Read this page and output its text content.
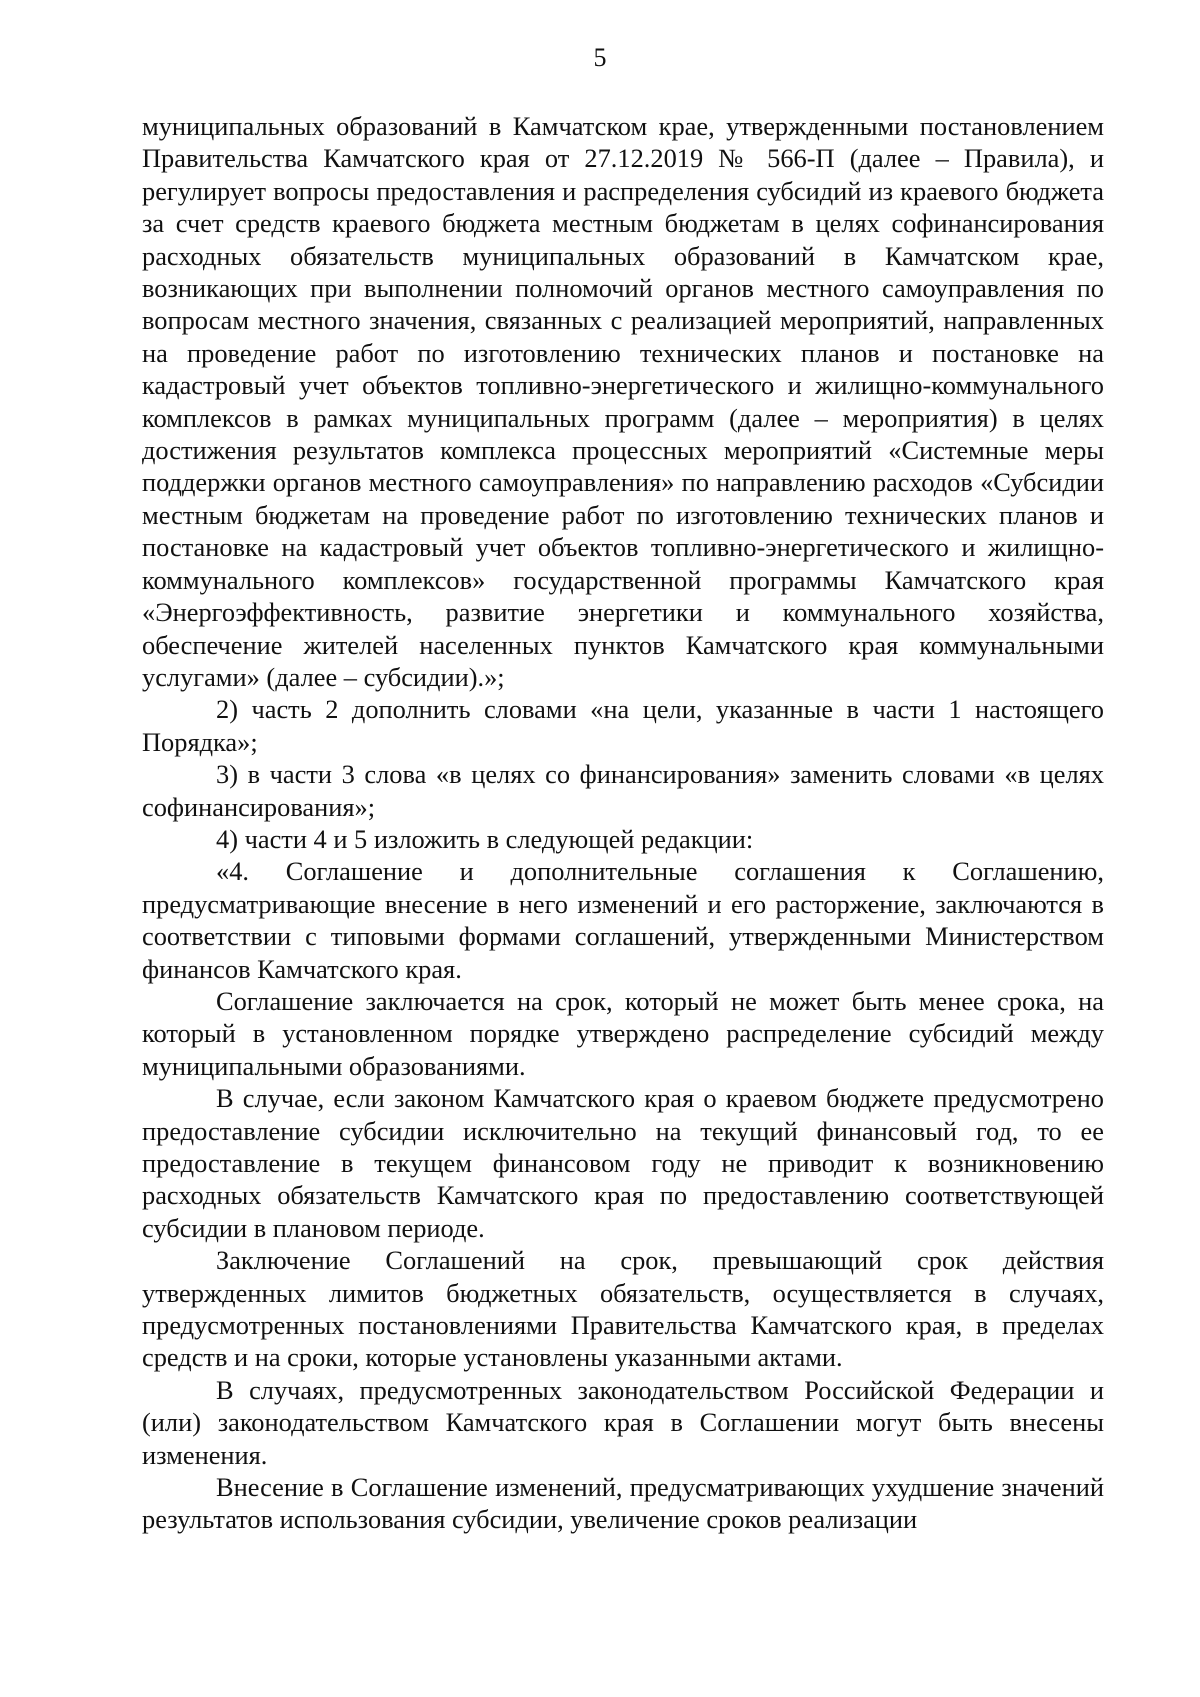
5

муниципальных образований в Камчатском крае, утвержденными постановлением Правительства Камчатского края от 27.12.2019 № 566-П (далее – Правила), и регулирует вопросы предоставления и распределения субсидий из краевого бюджета за счет средств краевого бюджета местным бюджетам в целях софинансирования расходных обязательств муниципальных образований в Камчатском крае, возникающих при выполнении полномочий органов местного самоуправления по вопросам местного значения, связанных с реализацией мероприятий, направленных на проведение работ по изготовлению технических планов и постановке на кадастровый учет объектов топливно-энергетического и жилищно-коммунального комплексов в рамках муниципальных программ (далее – мероприятия) в целях достижения результатов комплекса процессных мероприятий «Системные меры поддержки органов местного самоуправления» по направлению расходов «Субсидии местным бюджетам на проведение работ по изготовлению технических планов и постановке на кадастровый учет объектов топливно-энергетического и жилищно-коммунального комплексов» государственной программы Камчатского края «Энергоэффективность, развитие энергетики и коммунального хозяйства, обеспечение жителей населенных пунктов Камчатского края коммунальными услугами» (далее – субсидии).»;

2) часть 2 дополнить словами «на цели, указанные в части 1 настоящего Порядка»;

3) в части 3 слова «в целях со финансирования» заменить словами «в целях софинансирования»;

4) части 4 и 5 изложить в следующей редакции:

«4. Соглашение и дополнительные соглашения к Соглашению, предусматривающие внесение в него изменений и его расторжение, заключаются в соответствии с типовыми формами соглашений, утвержденными Министерством финансов Камчатского края.

Соглашение заключается на срок, который не может быть менее срока, на который в установленном порядке утверждено распределение субсидий между муниципальными образованиями.

В случае, если законом Камчатского края о краевом бюджете предусмотрено предоставление субсидии исключительно на текущий финансовый год, то ее предоставление в текущем финансовом году не приводит к возникновению расходных обязательств Камчатского края по предоставлению соответствующей субсидии в плановом периоде.

Заключение Соглашений на срок, превышающий срок действия утвержденных лимитов бюджетных обязательств, осуществляется в случаях, предусмотренных постановлениями Правительства Камчатского края, в пределах средств и на сроки, которые установлены указанными актами.

В случаях, предусмотренных законодательством Российской Федерации и (или) законодательством Камчатского края в Соглашении могут быть внесены изменения.

Внесение в Соглашение изменений, предусматривающих ухудшение значений результатов использования субсидии, увеличение сроков реализации
